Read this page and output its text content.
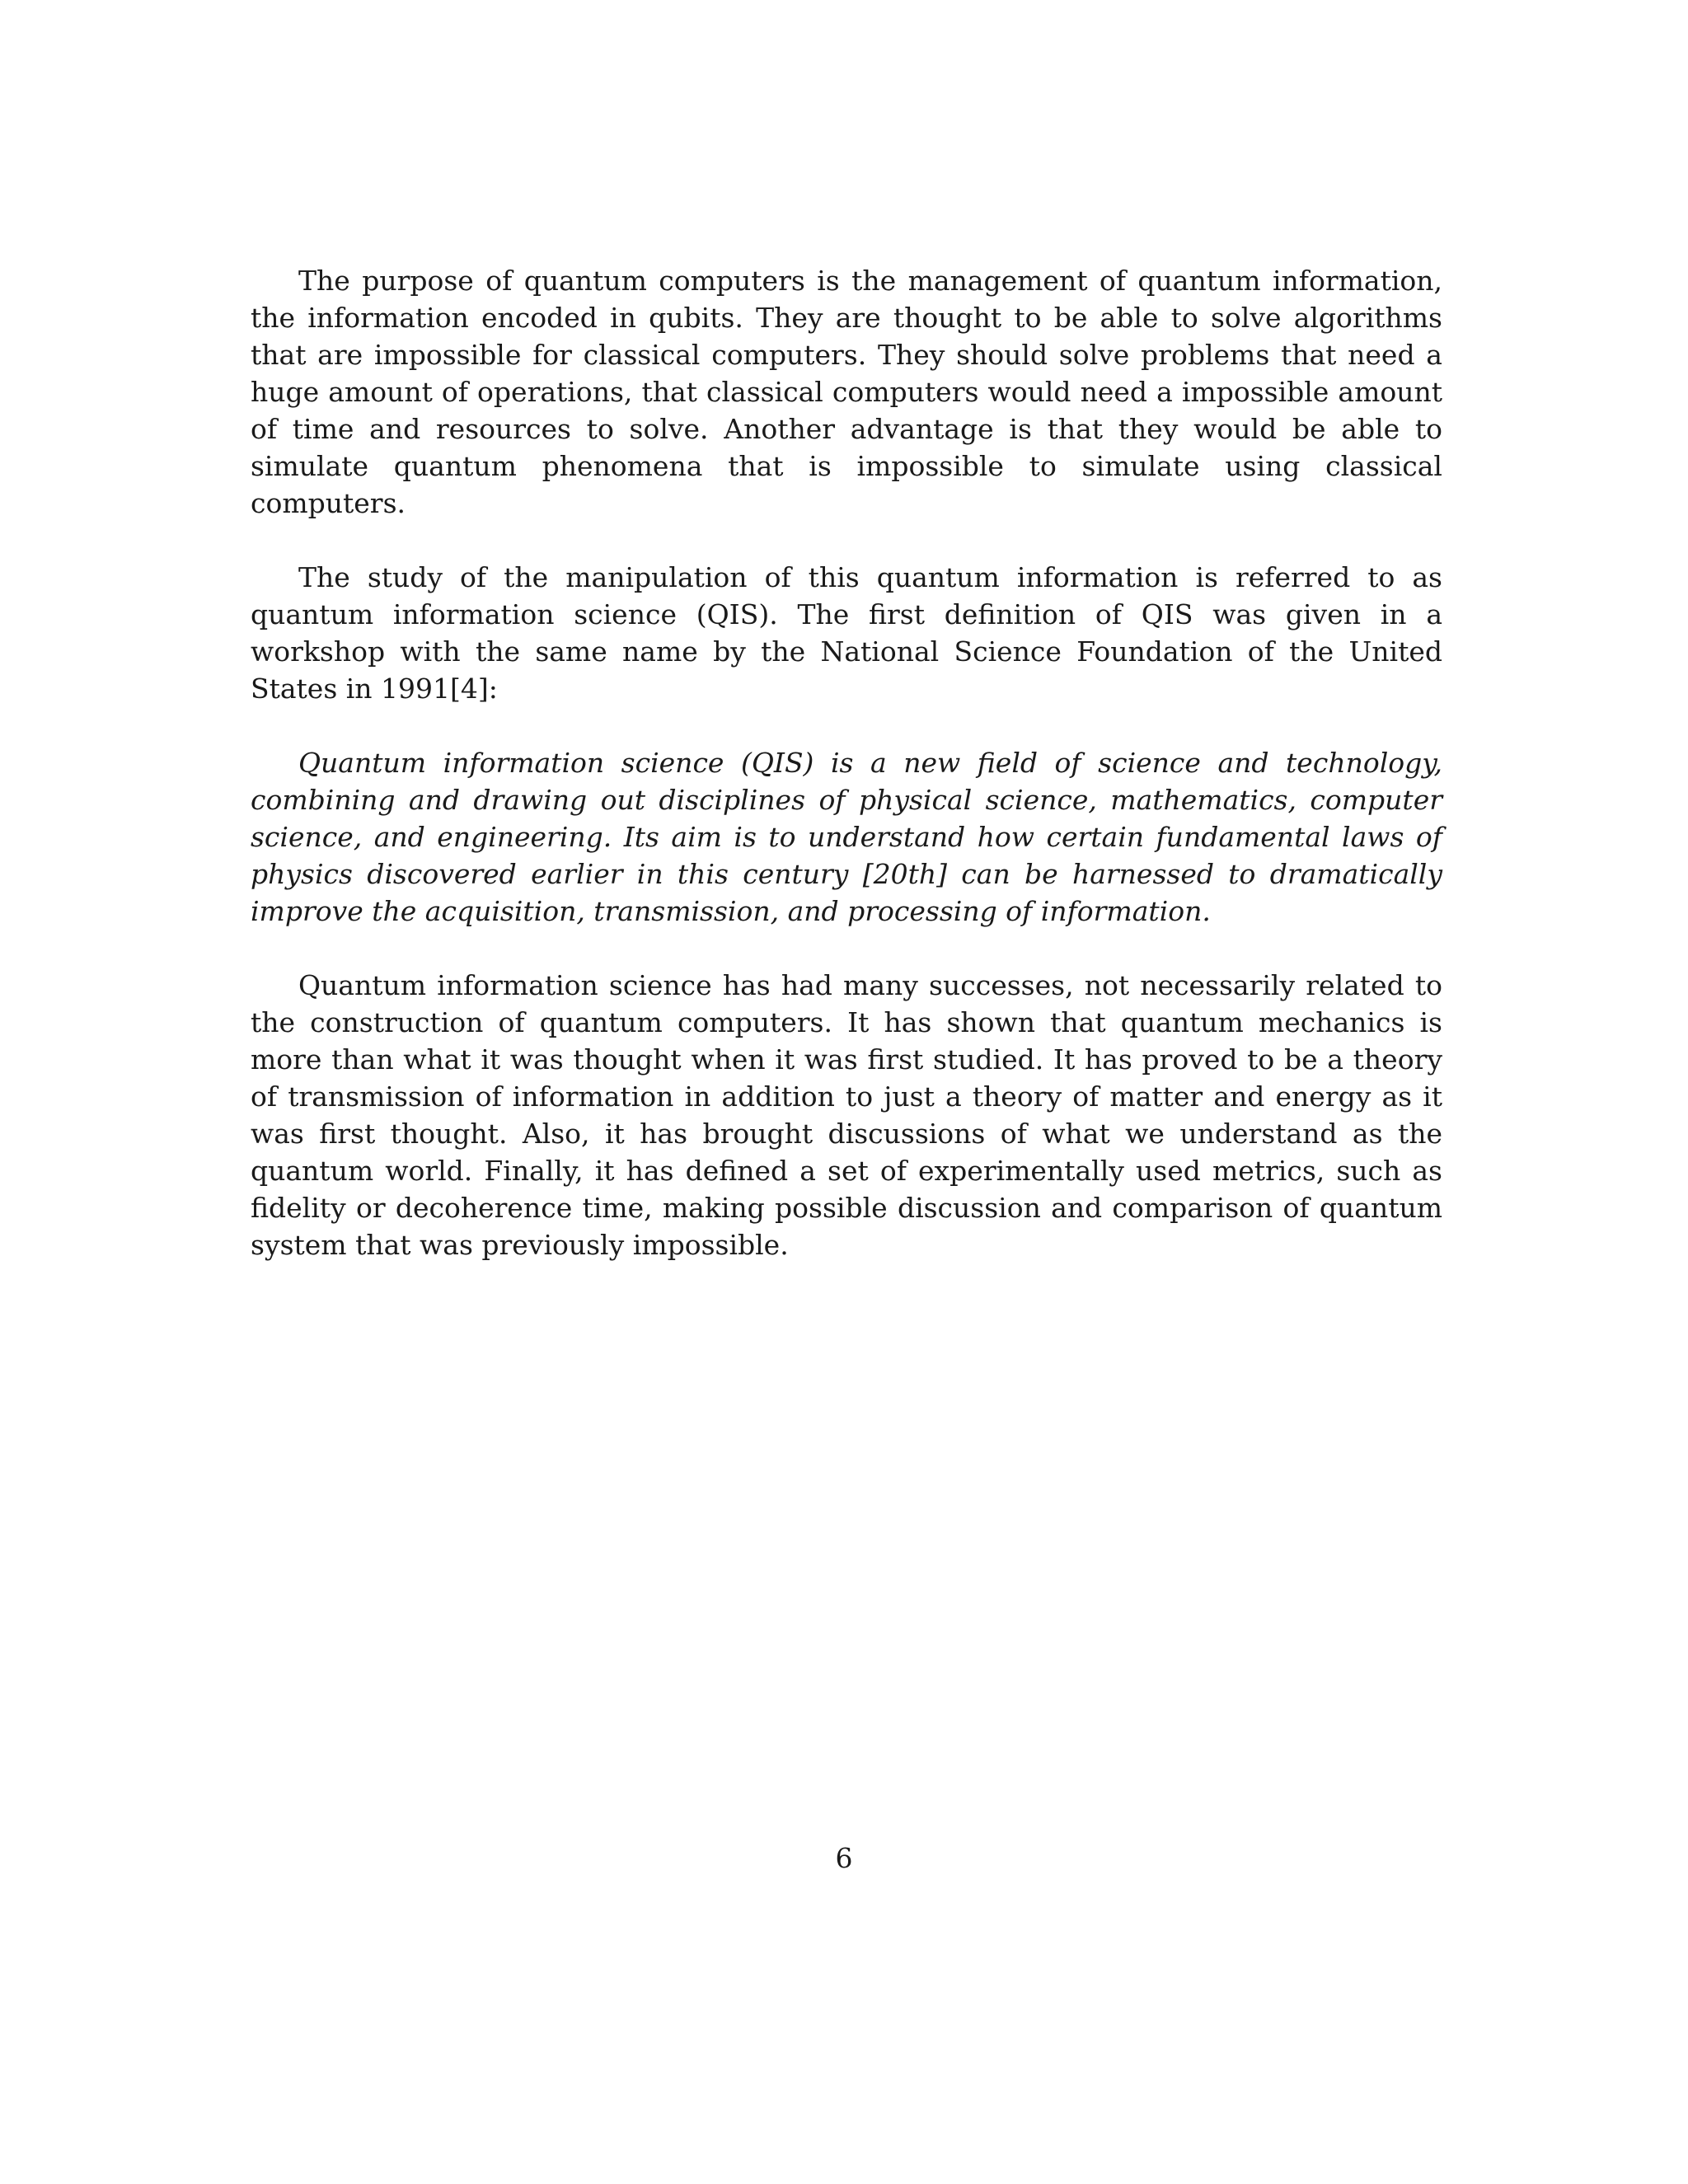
The purpose of quantum computers is the management of quantum information, the information encoded in qubits. They are thought to be able to solve algorithms that are impossible for classical computers. They should solve problems that need a huge amount of operations, that classical computers would need a impossible amount of time and resources to solve. Another advantage is that they would be able to simulate quantum phenomena that is impossible to simulate using classical computers.

The study of the manipulation of this quantum information is referred to as quantum information science (QIS). The first definition of QIS was given in a workshop with the same name by the National Science Foundation of the United States in 1991[4]:

Quantum information science (QIS) is a new field of science and technology, combining and drawing out disciplines of physical science, mathematics, computer science, and engineering. Its aim is to understand how certain fundamental laws of physics discovered earlier in this century [20th] can be harnessed to dramatically improve the acquisition, transmission, and processing of information.

Quantum information science has had many successes, not necessarily related to the construction of quantum computers. It has shown that quantum mechanics is more than what it was thought when it was first studied. It has proved to be a theory of transmission of information in addition to just a theory of matter and energy as it was first thought. Also, it has brought discussions of what we understand as the quantum world. Finally, it has defined a set of experimentally used metrics, such as fidelity or decoherence time, making possible discussion and comparison of quantum system that was previously impossible.

6
